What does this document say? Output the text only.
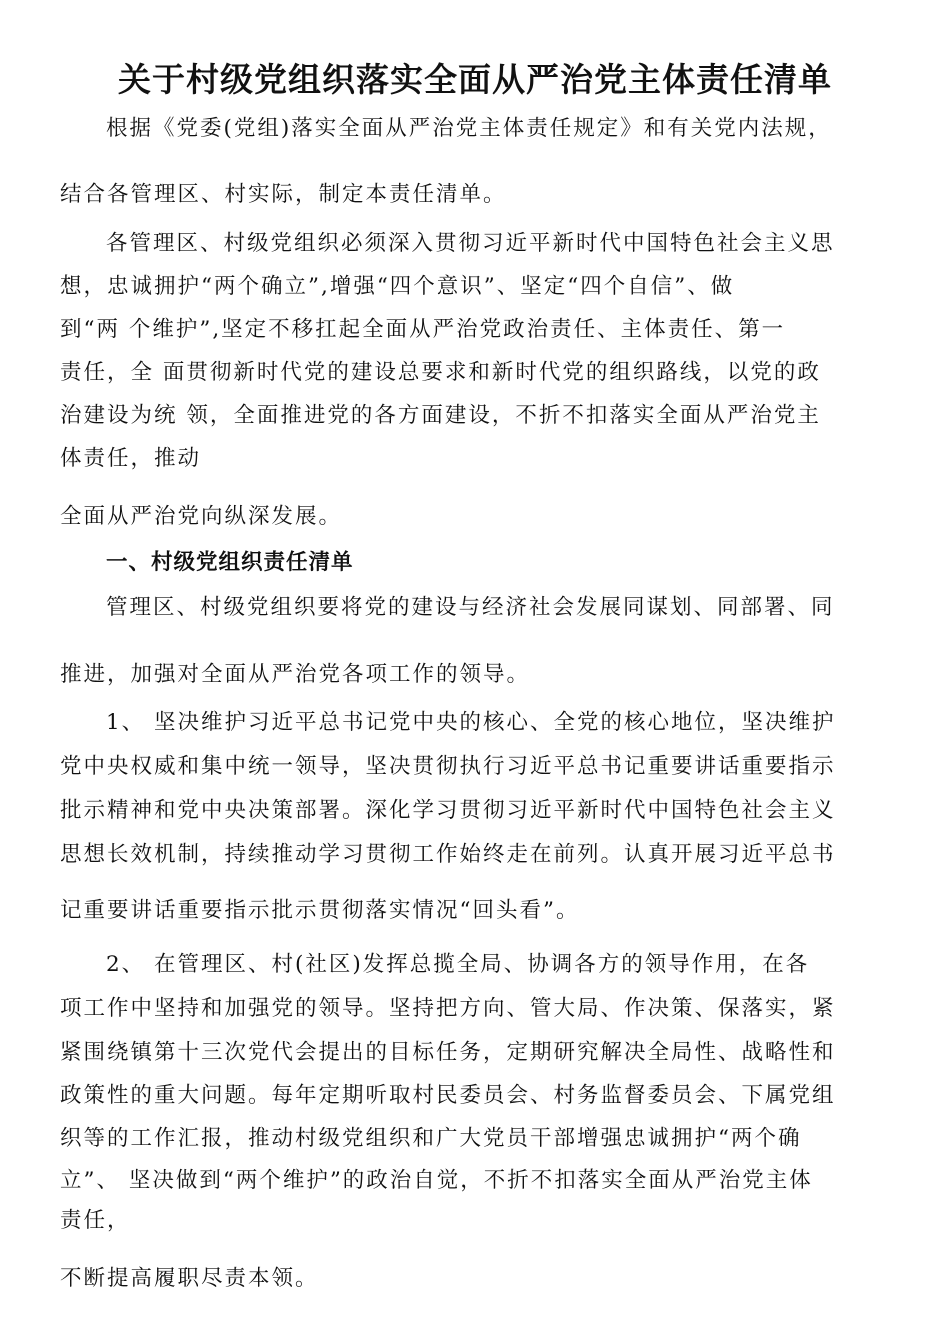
关于村级党组织落实全面从严治党主体责任清单
根据《党委(党组)落实全面从严治党主体责任规定》和有关党内法规，
结合各管理区、村实际，制定本责任清单。
各管理区、村级党组织必须深入贯彻习近平新时代中国特色社会主义思
想，忠诚拥护“两个确立”,增强“四个意识”、坚定“四个自信”、做
到“两 个维护”,坚定不移扛起全面从严治党政治责任、主体责任、第一
责任，全 面贯彻新时代党的建设总要求和新时代党的组织路线，以党的政
治建设为统 领，全面推进党的各方面建设，不折不扣落实全面从严治党主
体责任，推动
全面从严治党向纵深发展。
一、村级党组织责任清单
管理区、村级党组织要将党的建设与经济社会发展同谋划、同部署、同
推进，加强对全面从严治党各项工作的领导。
1、 坚决维护习近平总书记党中央的核心、全党的核心地位，坚决维护
党中央权威和集中统一领导，坚决贯彻执行习近平总书记重要讲话重要指示
批示精神和党中央决策部署。深化学习贯彻习近平新时代中国特色社会主义
思想长效机制，持续推动学习贯彻工作始终走在前列。认真开展习近平总书
记重要讲话重要指示批示贯彻落实情况“回头看”。
2、 在管理区、村(社区)发挥总揽全局、协调各方的领导作用，在各
项工作中坚持和加强党的领导。坚持把方向、管大局、作决策、保落实，紧
紧围绕镇第十三次党代会提出的目标任务，定期研究解决全局性、战略性和
政策性的重大问题。每年定期听取村民委员会、村务监督委员会、下属党组
织等的工作汇报，推动村级党组织和广大党员干部增强忠诚拥护“两个确
立”、 坚决做到“两个维护”的政治自觉，不折不扣落实全面从严治党主体
责任，
不断提高履职尽责本领。
